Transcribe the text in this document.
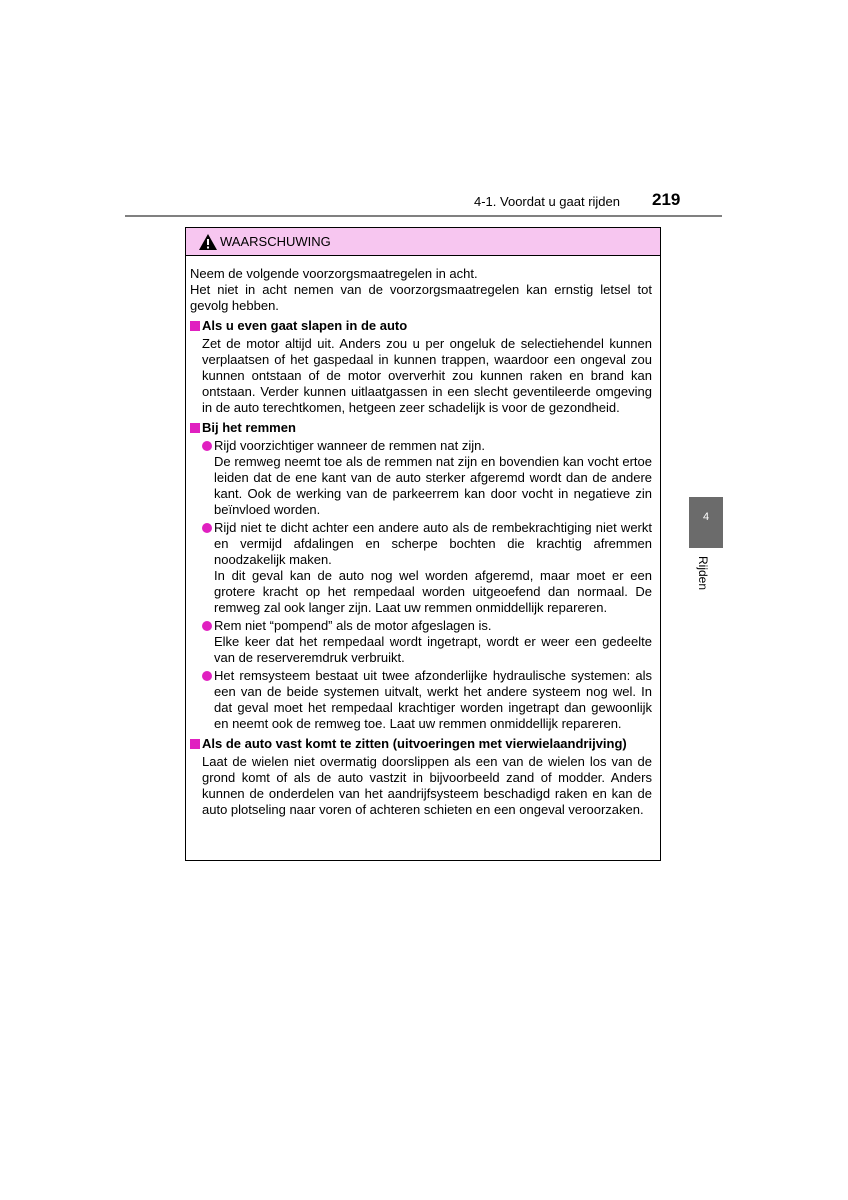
4-1. Voordat u gaat rijden 219
4
Rijden
WAARSCHUWING

Neem de volgende voorzorgsmaatregelen in acht.
Het niet in acht nemen van de voorzorgsmaatregelen kan ernstig letsel tot gevolg hebben.

Als u even gaat slapen in de auto

Zet de motor altijd uit. Anders zou u per ongeluk de selectiehendel kunnen verplaatsen of het gaspedaal in kunnen trappen, waardoor een ongeval zou kunnen ontstaan of de motor oververhit zou kunnen raken en brand kan ontstaan. Verder kunnen uitlaatgassen in een slecht geventileerde omgeving in de auto terechtkomen, hetgeen zeer schadelijk is voor de gezondheid.

Bij het remmen
Rijd voorzichtiger wanneer de remmen nat zijn.
De remweg neemt toe als de remmen nat zijn en bovendien kan vocht ertoe leiden dat de ene kant van de auto sterker afgeremd wordt dan de andere kant. Ook de werking van de parkeerrem kan door vocht in negatieve zin beïnvloed worden.
Rijd niet te dicht achter een andere auto als de rembekrachtiging niet werkt en vermijd afdalingen en scherpe bochten die krachtig afremmen noodzakelijk maken.
In dit geval kan de auto nog wel worden afgeremd, maar moet er een grotere kracht op het rempedaal worden uitgeoefend dan normaal. De remweg zal ook langer zijn. Laat uw remmen onmiddellijk repareren.
Rem niet “pompend” als de motor afgeslagen is.
Elke keer dat het rempedaal wordt ingetrapt, wordt er weer een gedeelte van de reserveremdruk verbruikt.
Het remsysteem bestaat uit twee afzonderlijke hydraulische systemen: als een van de beide systemen uitvalt, werkt het andere systeem nog wel. In dat geval moet het rempedaal krachtiger worden ingetrapt dan gewoonlijk en neemt ook de remweg toe. Laat uw remmen onmiddellijk repareren.
Als de auto vast komt te zitten (uitvoeringen met vierwielaandrijving)

Laat de wielen niet overmatig doorslippen als een van de wielen los van de grond komt of als de auto vastzit in bijvoorbeeld zand of modder. Anders kunnen de onderdelen van het aandrijfsysteem beschadigd raken en kan de auto plotseling naar voren of achteren schieten en een ongeval veroorzaken.
